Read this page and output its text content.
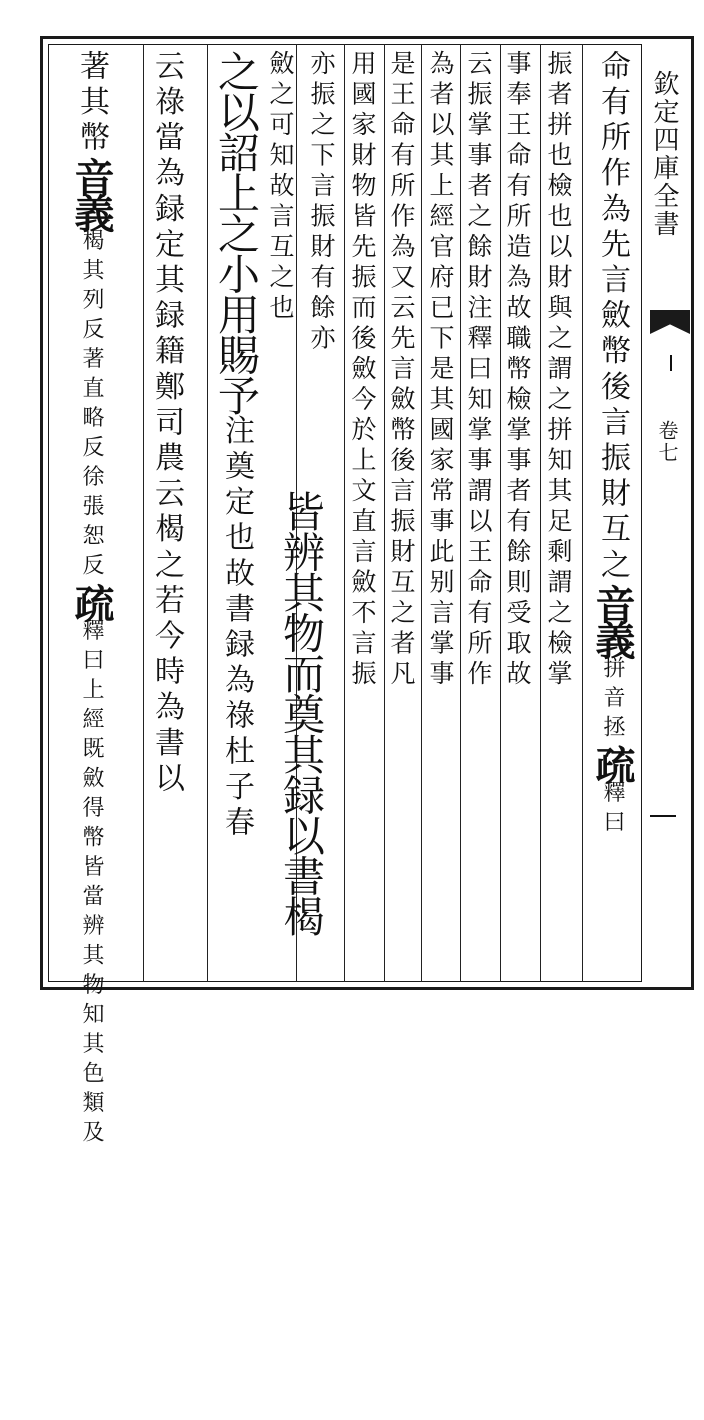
欽定四庫全書
卷七
命有所作為先言斂幣後言振財互之音義拼音拯疏釋曰
振者拼也檢也以財與之謂之拼知其足剩謂之檢掌
事奉王命有所造為故職幣檢掌事者有餘則受取故
云振掌事者之餘財注釋曰知掌事謂以王命有所作
為者以其上經官府已下是其國家常事此别言掌事
是王命有所作為又云先言斂幣後言振財互之者凡
用國家財物皆先振而後斂今於上文直言斂不言振
亦振之下言振財有餘亦
皆辨其物而奠其録以書楬
斂之可知故言互之也
之以詔上之小用賜予注奠定也故書録為祿杜子春
云祿當為録定其録籍鄭司農云楬之若今時為書以
著其幣音義楬其列反著直略反徐張恕反疏釋曰上經既斂得幣皆當辨其物知其色類及
